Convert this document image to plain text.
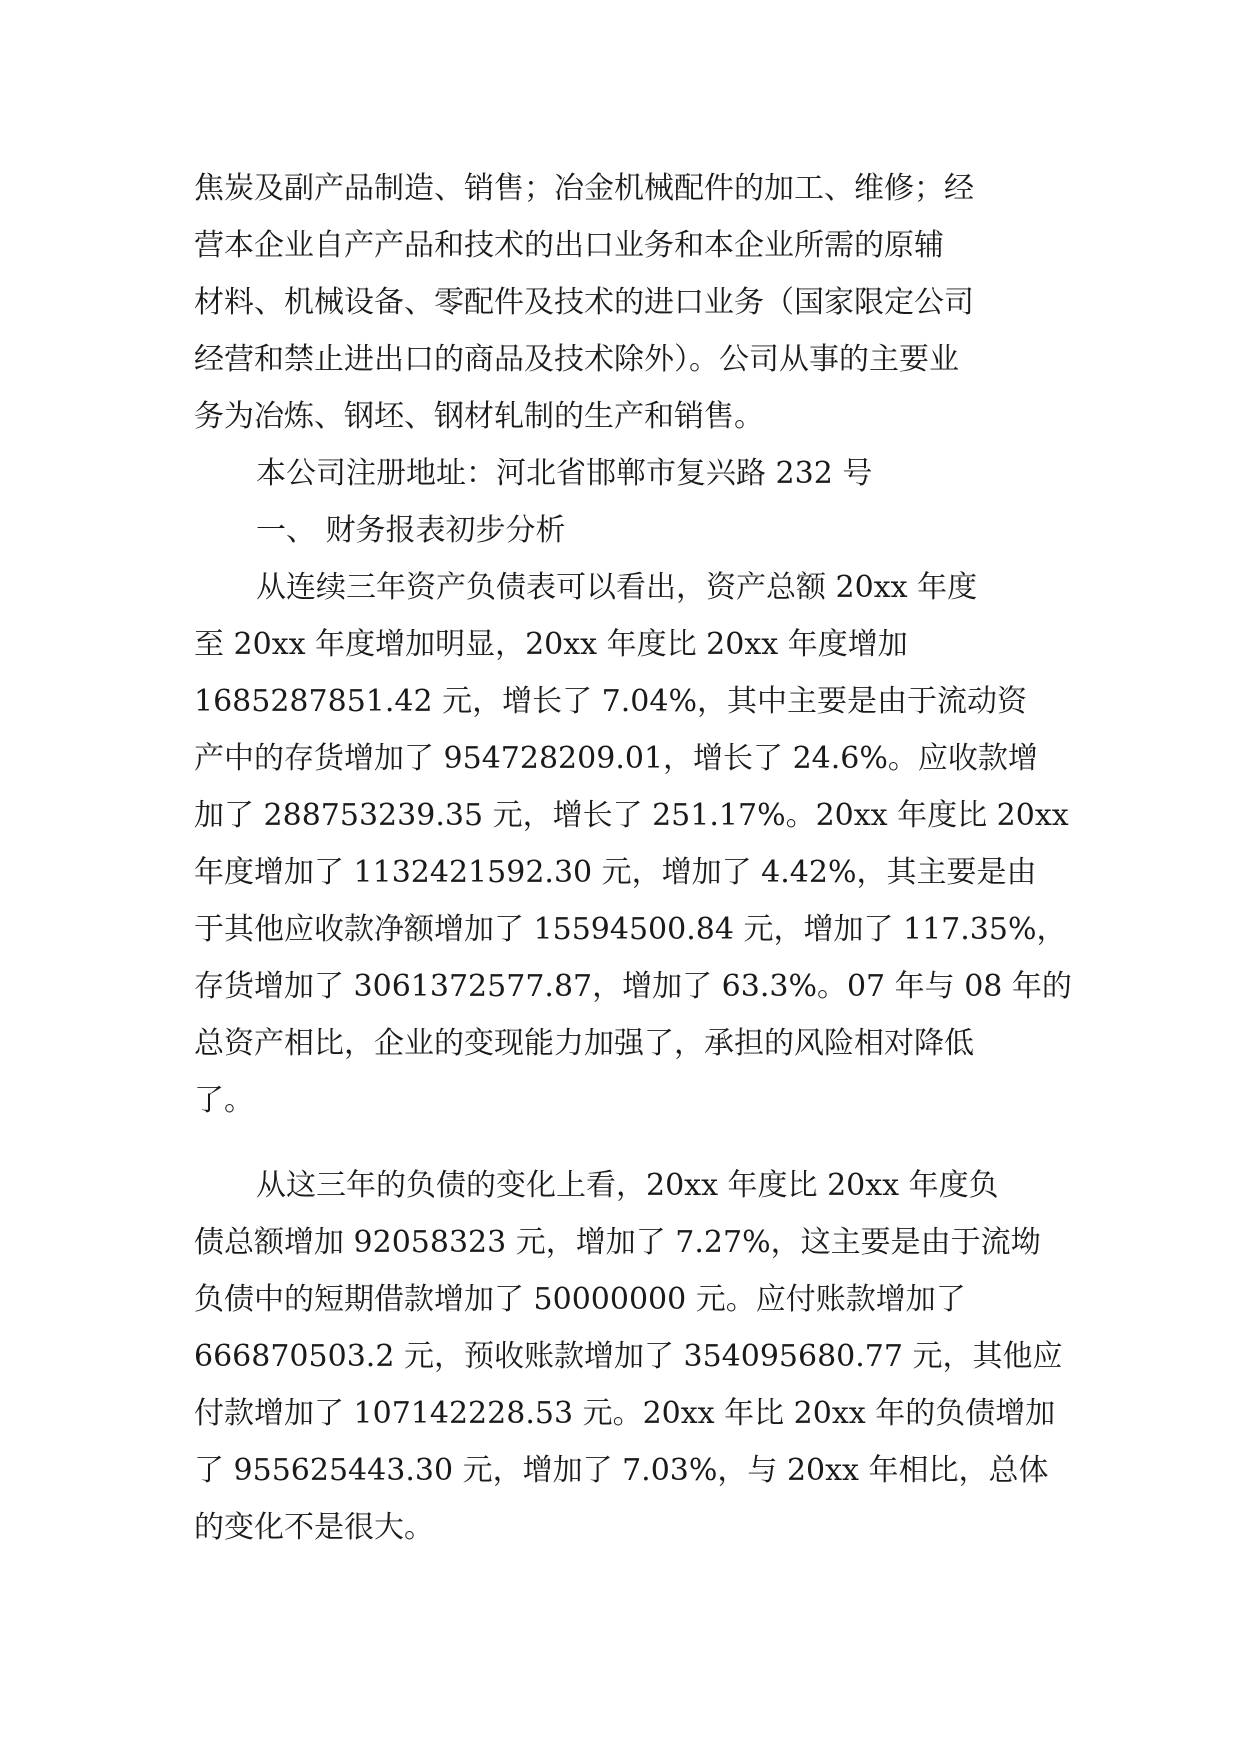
焦炭及副产品制造、销售；冶金机械配件的加工、维修；经
营本企业自产产品和技术的出口业务和本企业所需的原辅
材料、机械设备、零配件及技术的进口业务（国家限定公司
经营和禁止进出口的商品及技术除外）。公司从事的主要业
务为冶炼、钢坯、钢材轧制的生产和销售。
本公司注册地址：河北省邯郸市复兴路 232 号
一、 财务报表初步分析
从连续三年资产负债表可以看出，资产总额 20xx 年度
至 20xx 年度增加明显，20xx 年度比 20xx 年度增加
1685287851.42 元，增长了 7.04%，其中主要是由于流动资
产中的存货增加了 954728209.01，增长了 24.6%。应收款增
加了 288753239.35 元，增长了 251.17%。20xx 年度比 20xx
年度增加了 1132421592.30 元，增加了 4.42%，其主要是由
于其他应收款净额增加了 15594500.84 元，增加了 117.35%，
存货增加了 3061372577.87，增加了 63.3%。07 年与 08 年的
总资产相比，企业的变现能力加强了，承担的风险相对降低
了。
从这三年的负债的变化上看，20xx 年度比 20xx 年度负
债总额增加 92058323 元，增加了 7.27%，这主要是由于流坳
负债中的短期借款增加了 50000000 元。应付账款增加了
666870503.2 元，预收账款增加了 354095680.77 元，其他应
付款增加了 107142228.53 元。20xx 年比 20xx 年的负债增加
了 955625443.30 元，增加了 7.03%，与 20xx 年相比，总体
的变化不是很大。
